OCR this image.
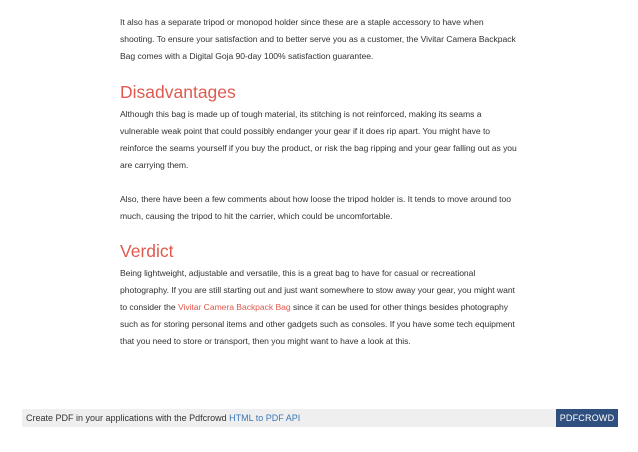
It also has a separate tripod or monopod holder since these are a staple accessory to have when shooting. To ensure your satisfaction and to better serve you as a customer, the Vivitar Camera Backpack Bag comes with a Digital Goja 90-day 100% satisfaction guarantee.

Disadvantages

Although this bag is made up of tough material, its stitching is not reinforced, making its seams a vulnerable weak point that could possibly endanger your gear if it does rip apart. You might have to reinforce the seams yourself if you buy the product, or risk the bag ripping and your gear falling out as you are carrying them.

Also, there have been a few comments about how loose the tripod holder is. It tends to move around too much, causing the tripod to hit the carrier, which could be uncomfortable.

Verdict

Being lightweight, adjustable and versatile, this is a great bag to have for casual or recreational photography. If you are still starting out and just want somewhere to stow away your gear, you might want to consider the Vivitar Camera Backpack Bag since it can be used for other things besides photography such as for storing personal items and other gadgets such as consoles. If you have some tech equipment that you need to store or transport, then you might want to have a look at this.

Create PDF in your applications with the Pdfcrowd HTML to PDF API	PDFCROWD
